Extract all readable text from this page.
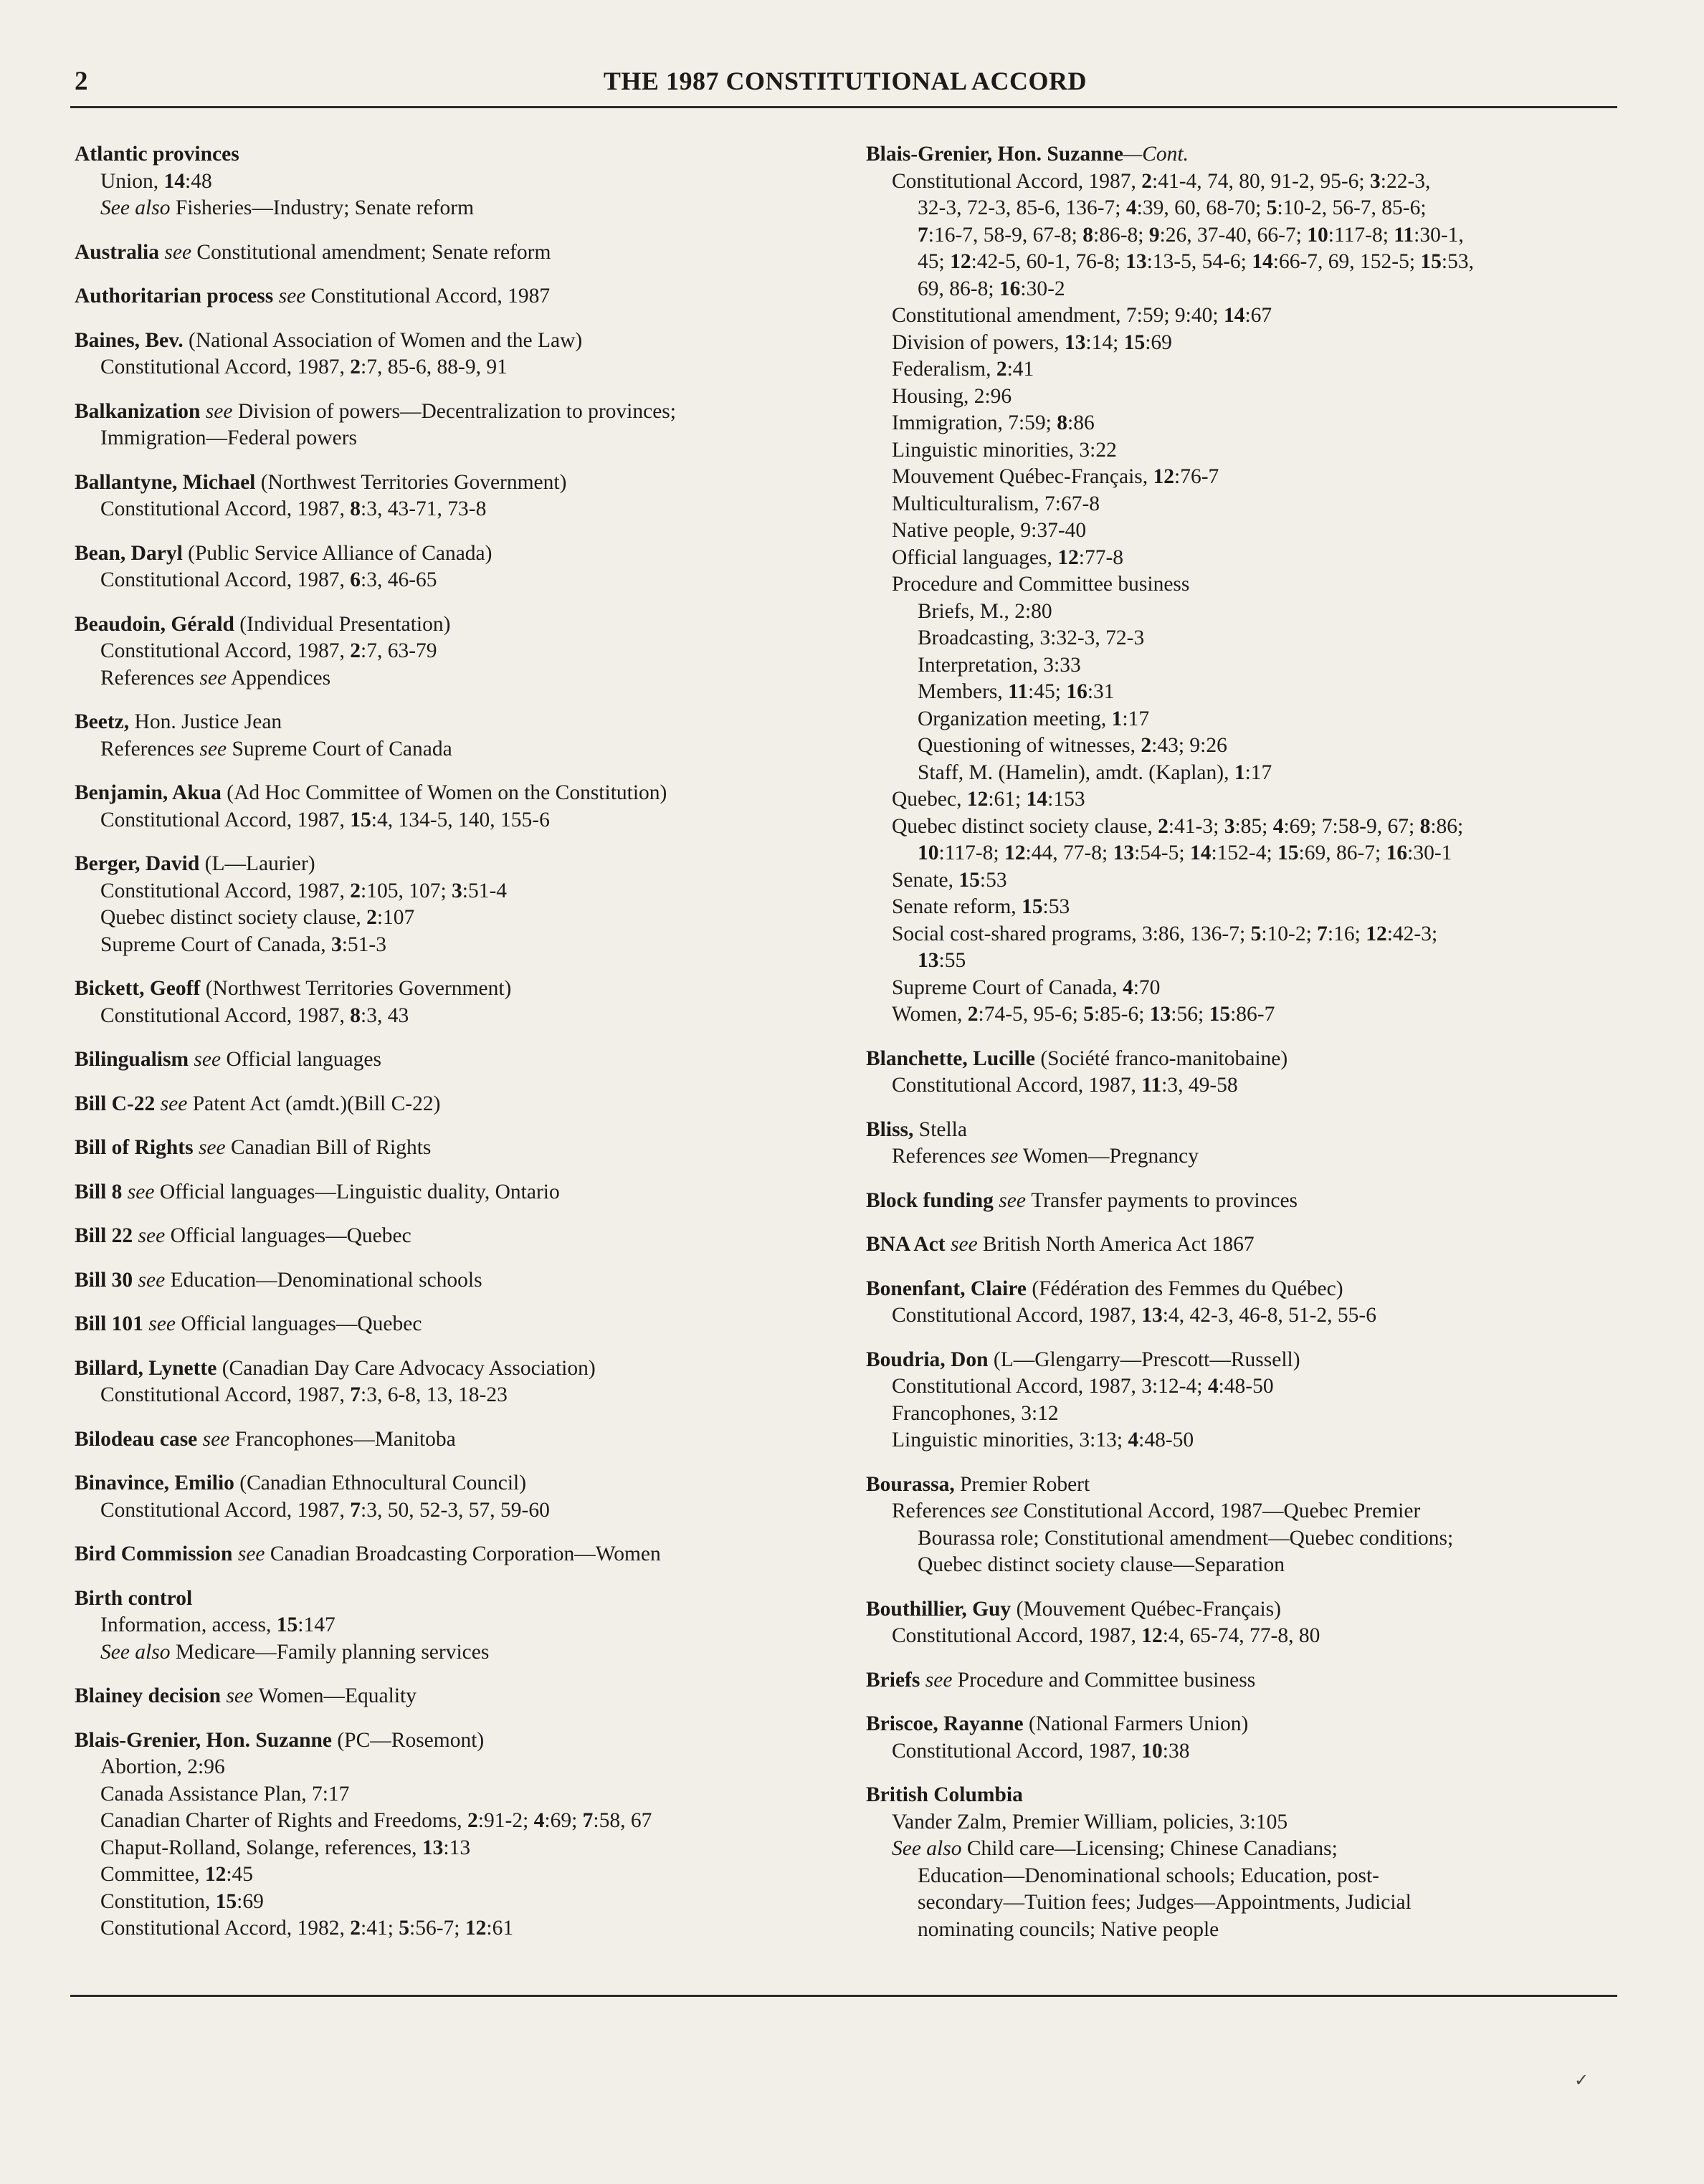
2	THE 1987 CONSTITUTIONAL ACCORD
Atlantic provinces
Union, 14:48
See also Fisheries—Industry; Senate reform
Australia see Constitutional amendment; Senate reform
Authoritarian process see Constitutional Accord, 1987
Baines, Bev. (National Association of Women and the Law)
Constitutional Accord, 1987, 2:7, 85-6, 88-9, 91
Balkanization see Division of powers—Decentralization to provinces;
Immigration—Federal powers
Ballantyne, Michael (Northwest Territories Government)
Constitutional Accord, 1987, 8:3, 43-71, 73-8
Bean, Daryl (Public Service Alliance of Canada)
Constitutional Accord, 1987, 6:3, 46-65
Beaudoin, Gérald (Individual Presentation)
Constitutional Accord, 1987, 2:7, 63-79
References see Appendices
Beetz, Hon. Justice Jean
References see Supreme Court of Canada
Benjamin, Akua (Ad Hoc Committee of Women on the Constitution)
Constitutional Accord, 1987, 15:4, 134-5, 140, 155-6
Berger, David (L—Laurier)
Constitutional Accord, 1987, 2:105, 107; 3:51-4
Quebec distinct society clause, 2:107
Supreme Court of Canada, 3:51-3
Bickett, Geoff (Northwest Territories Government)
Constitutional Accord, 1987, 8:3, 43
Bilingualism see Official languages
Bill C-22 see Patent Act (amdt.)(Bill C-22)
Bill of Rights see Canadian Bill of Rights
Bill 8 see Official languages—Linguistic duality, Ontario
Bill 22 see Official languages—Quebec
Bill 30 see Education—Denominational schools
Bill 101 see Official languages—Quebec
Billard, Lynette (Canadian Day Care Advocacy Association)
Constitutional Accord, 1987, 7:3, 6-8, 13, 18-23
Bilodeau case see Francophones—Manitoba
Binavince, Emilio (Canadian Ethnocultural Council)
Constitutional Accord, 1987, 7:3, 50, 52-3, 57, 59-60
Bird Commission see Canadian Broadcasting Corporation—Women
Birth control
Information, access, 15:147
See also Medicare—Family planning services
Blainey decision see Women—Equality
Blais-Grenier, Hon. Suzanne (PC—Rosemont)
Abortion, 2:96
Canada Assistance Plan, 7:17
Canadian Charter of Rights and Freedoms, 2:91-2; 4:69; 7:58, 67
Chaput-Rolland, Solange, references, 13:13
Committee, 12:45
Constitution, 15:69
Constitutional Accord, 1982, 2:41; 5:56-7; 12:61
Blais-Grenier, Hon. Suzanne—Cont.
Constitutional Accord, 1987, 2:41-4, 74, 80, 91-2, 95-6; 3:22-3,
32-3, 72-3, 85-6, 136-7; 4:39, 60, 68-70; 5:10-2, 56-7, 85-6;
7:16-7, 58-9, 67-8; 8:86-8; 9:26, 37-40, 66-7; 10:117-8; 11:30-1,
45; 12:42-5, 60-1, 76-8; 13:13-5, 54-6; 14:66-7, 69, 152-5; 15:53,
69, 86-8; 16:30-2
Constitutional amendment, 7:59; 9:40; 14:67
Division of powers, 13:14; 15:69
Federalism, 2:41
Housing, 2:96
Immigration, 7:59; 8:86
Linguistic minorities, 3:22
Mouvement Québec-Français, 12:76-7
Multiculturalism, 7:67-8
Native people, 9:37-40
Official languages, 12:77-8
Procedure and Committee business
Briefs, M., 2:80
Broadcasting, 3:32-3, 72-3
Interpretation, 3:33
Members, 11:45; 16:31
Organization meeting, 1:17
Questioning of witnesses, 2:43; 9:26
Staff, M. (Hamelin), amdt. (Kaplan), 1:17
Quebec, 12:61; 14:153
Quebec distinct society clause, 2:41-3; 3:85; 4:69; 7:58-9, 67; 8:86;
10:117-8; 12:44, 77-8; 13:54-5; 14:152-4; 15:69, 86-7; 16:30-1
Senate, 15:53
Senate reform, 15:53
Social cost-shared programs, 3:86, 136-7; 5:10-2; 7:16; 12:42-3;
13:55
Supreme Court of Canada, 4:70
Women, 2:74-5, 95-6; 5:85-6; 13:56; 15:86-7
Blanchette, Lucille (Société franco-manitobaine)
Constitutional Accord, 1987, 11:3, 49-58
Bliss, Stella
References see Women—Pregnancy
Block funding see Transfer payments to provinces
BNA Act see British North America Act 1867
Bonenfant, Claire (Fédération des Femmes du Québec)
Constitutional Accord, 1987, 13:4, 42-3, 46-8, 51-2, 55-6
Boudria, Don (L—Glengarry—Prescott—Russell)
Constitutional Accord, 1987, 3:12-4; 4:48-50
Francophones, 3:12
Linguistic minorities, 3:13; 4:48-50
Bourassa, Premier Robert
References see Constitutional Accord, 1987—Quebec Premier
Bourassa role; Constitutional amendment—Quebec conditions;
Quebec distinct society clause—Separation
Bouthillier, Guy (Mouvement Québec-Français)
Constitutional Accord, 1987, 12:4, 65-74, 77-8, 80
Briefs see Procedure and Committee business
Briscoe, Rayanne (National Farmers Union)
Constitutional Accord, 1987, 10:38
British Columbia
Vander Zalm, Premier William, policies, 3:105
See also Child care—Licensing; Chinese Canadians;
Education—Denominational schools; Education, post-
secondary—Tuition fees; Judges—Appointments, Judicial
nominating councils; Native people
✓
